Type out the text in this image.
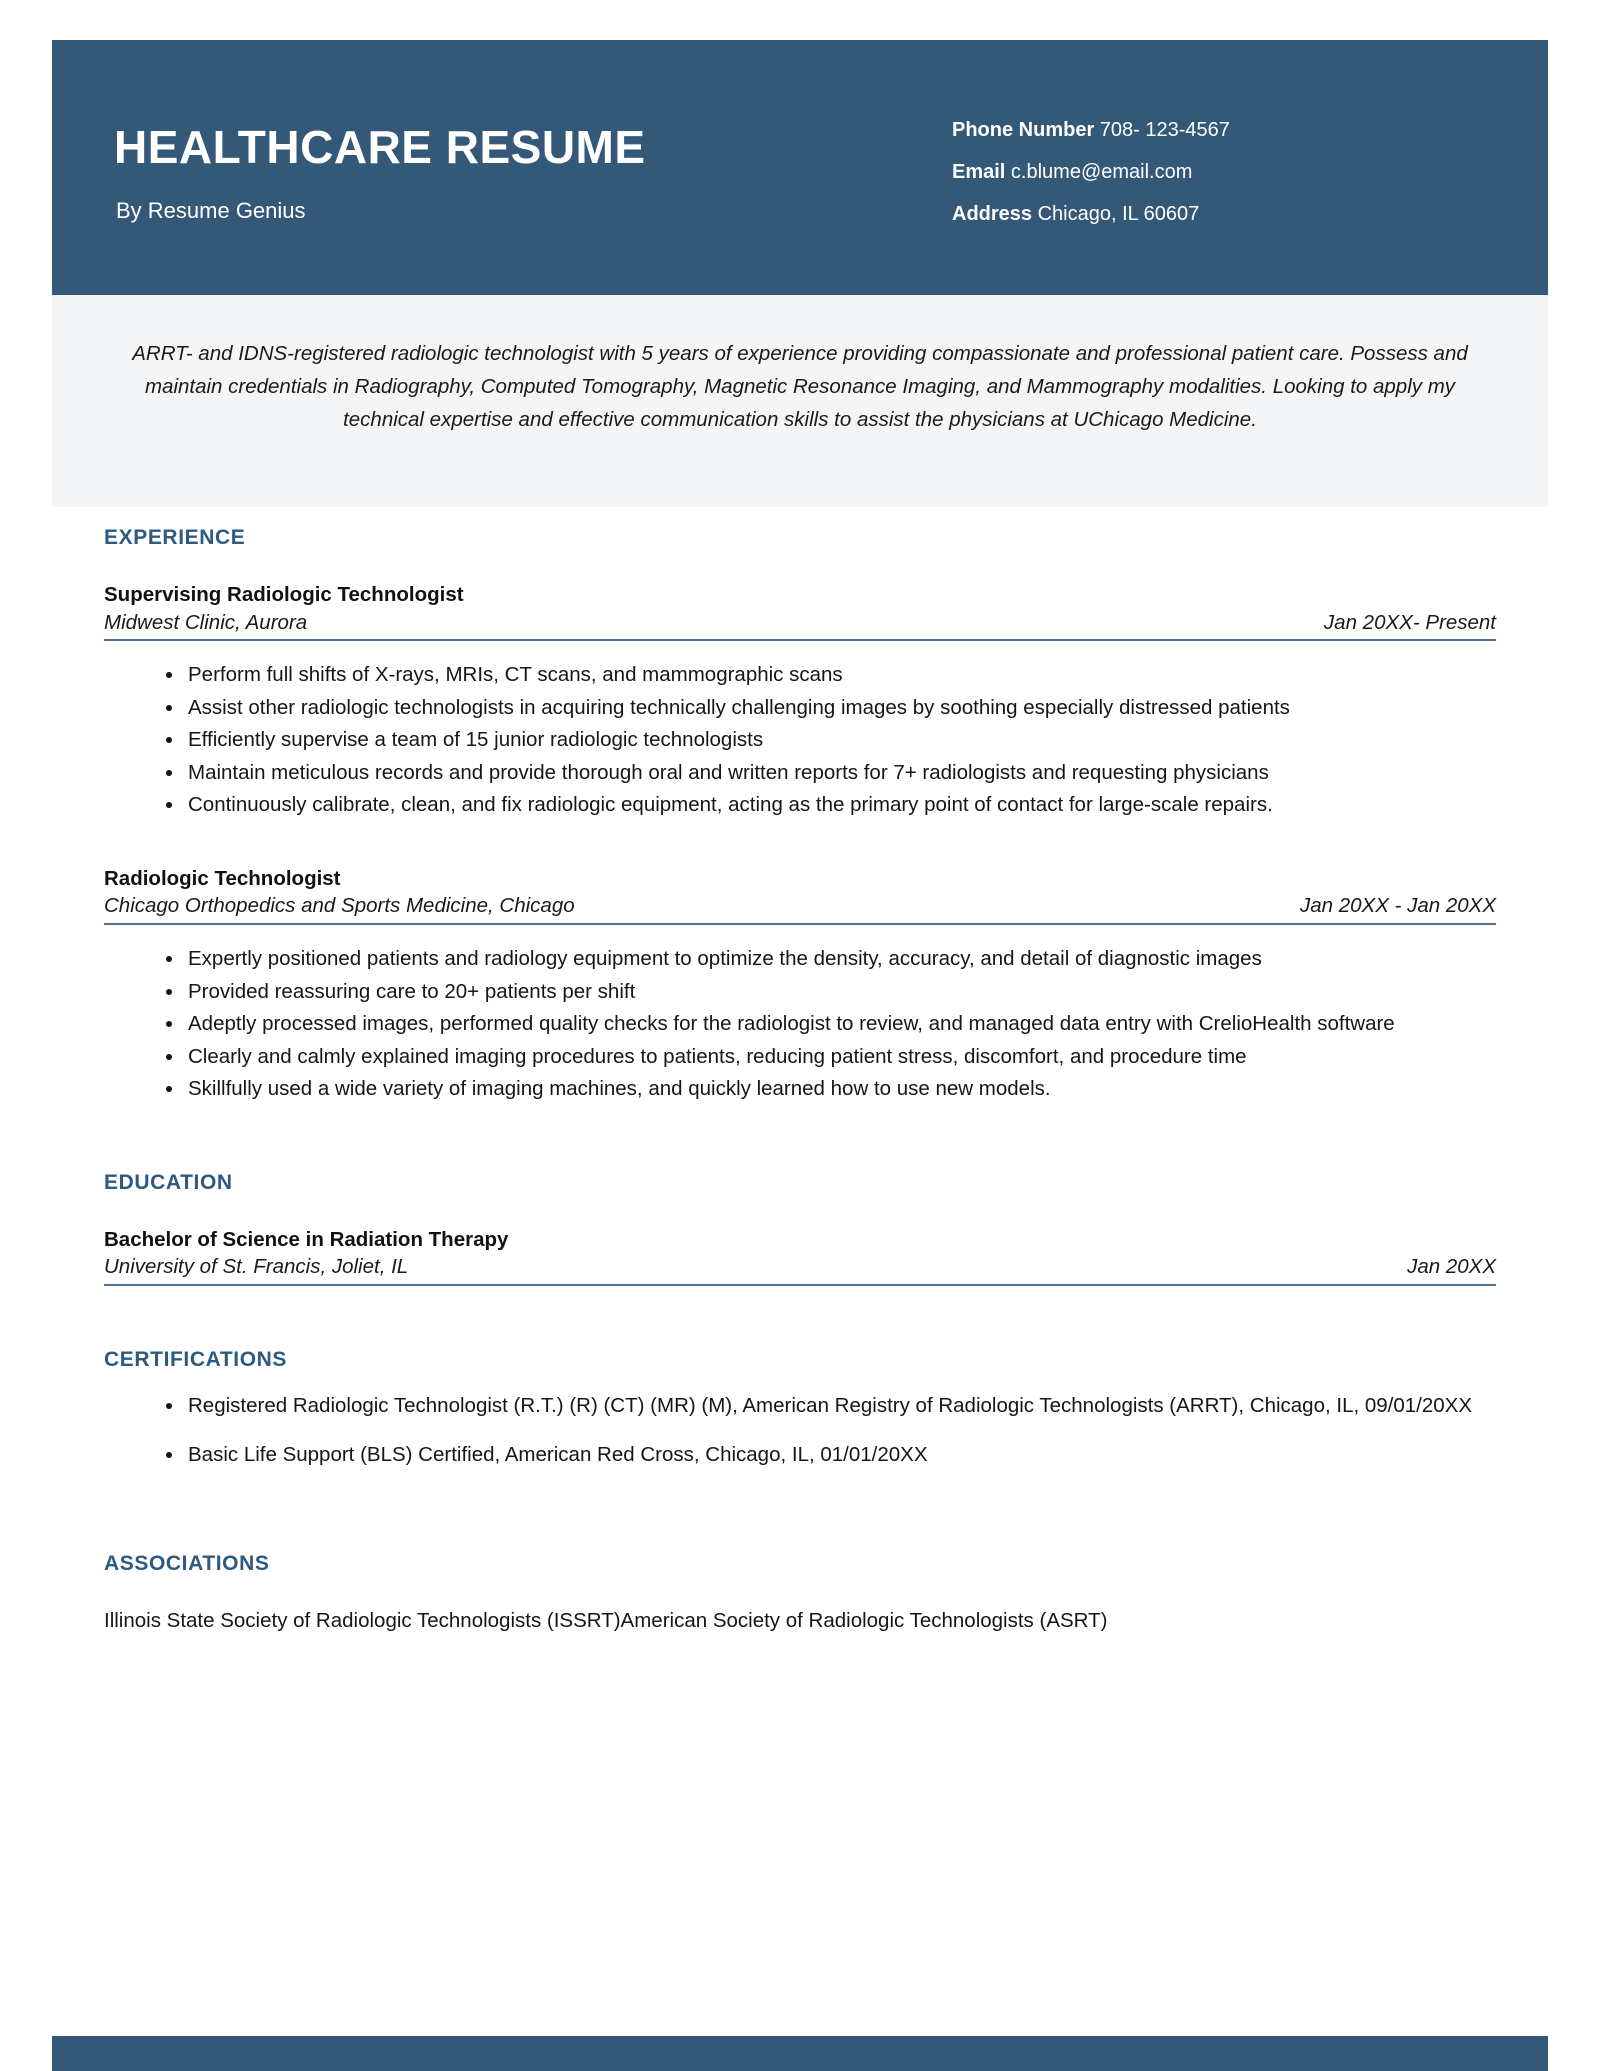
HEALTHCARE RESUME
By Resume Genius
Phone Number 708- 123-4567
Email c.blume@email.com
Address Chicago, IL 60607
ARRT- and IDNS-registered radiologic technologist with 5 years of experience providing compassionate and professional patient care. Possess and maintain credentials in Radiography, Computed Tomography, Magnetic Resonance Imaging, and Mammography modalities. Looking to apply my technical expertise and effective communication skills to assist the physicians at UChicago Medicine.
EXPERIENCE
Supervising Radiologic Technologist
Midwest Clinic, Aurora	Jan 20XX- Present
Perform full shifts of X-rays, MRIs, CT scans, and mammographic scans
Assist other radiologic technologists in acquiring technically challenging images by soothing especially distressed patients
Efficiently supervise a team of 15 junior radiologic technologists
Maintain meticulous records and provide thorough oral and written reports for 7+ radiologists and requesting physicians
Continuously calibrate, clean, and fix radiologic equipment, acting as the primary point of contact for large-scale repairs.
Radiologic Technologist
Chicago Orthopedics and Sports Medicine, Chicago	Jan 20XX - Jan 20XX
Expertly positioned patients and radiology equipment to optimize the density, accuracy, and detail of diagnostic images
Provided reassuring care to 20+ patients per shift
Adeptly processed images, performed quality checks for the radiologist to review, and managed data entry with CrelioHealth software
Clearly and calmly explained imaging procedures to patients, reducing patient stress, discomfort, and procedure time
Skillfully used a wide variety of imaging machines, and quickly learned how to use new models.
EDUCATION
Bachelor of Science in Radiation Therapy
University of St. Francis, Joliet, IL	Jan 20XX
CERTIFICATIONS
Registered Radiologic Technologist (R.T.) (R) (CT) (MR) (M), American Registry of Radiologic Technologists (ARRT), Chicago, IL, 09/01/20XX
Basic Life Support (BLS) Certified, American Red Cross, Chicago, IL, 01/01/20XX
ASSOCIATIONS
Illinois State Society of Radiologic Technologists (ISSRT)American Society of Radiologic Technologists (ASRT)
